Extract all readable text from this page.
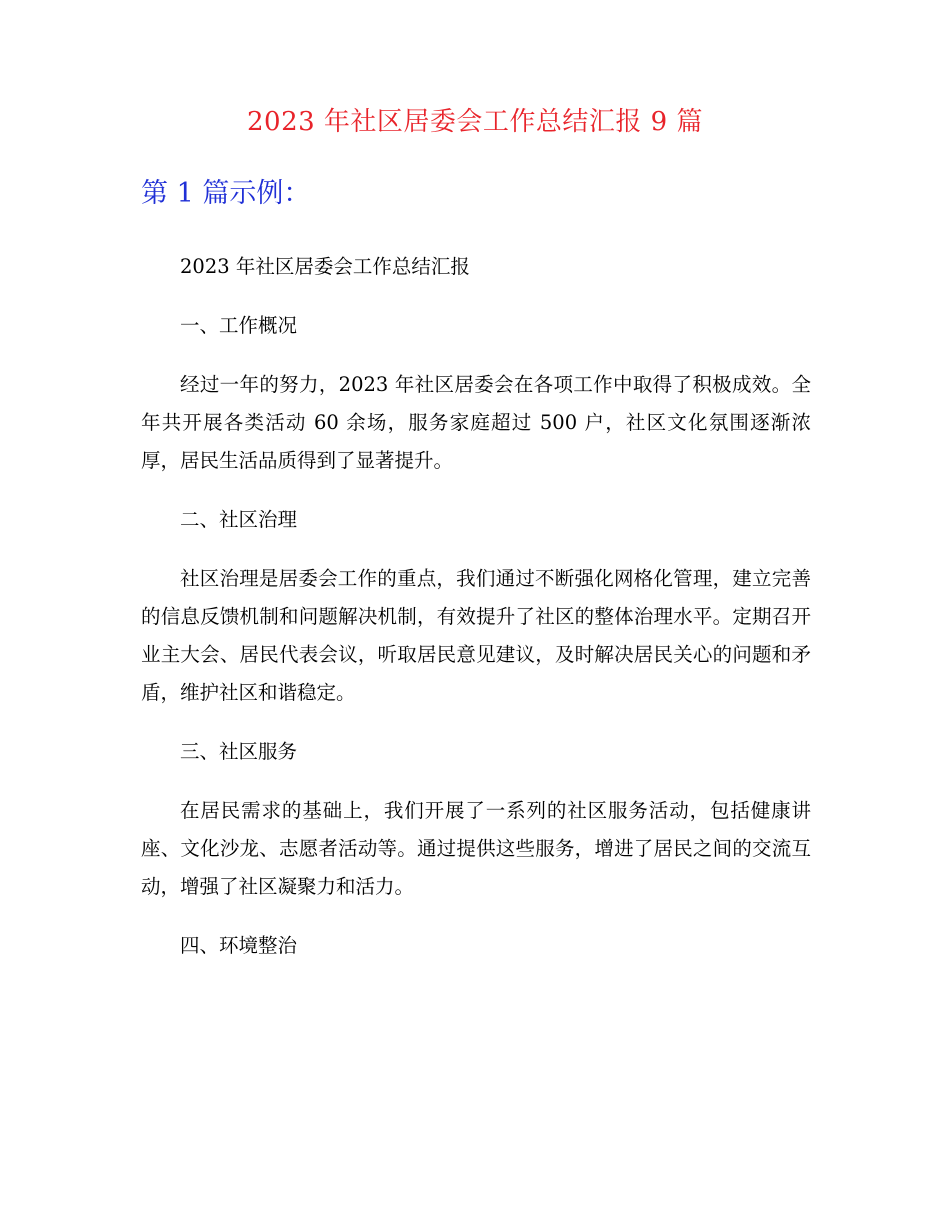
2023 年社区居委会工作总结汇报 9 篇
第 1 篇示例：

2023 年社区居委会工作总结汇报

一、工作概况

经过一年的努力，2023 年社区居委会在各项工作中取得了积极成效。全年共开展各类活动 60 余场，服务家庭超过 500 户，社区文化氛围逐渐浓厚，居民生活品质得到了显著提升。

二、社区治理

社区治理是居委会工作的重点，我们通过不断强化网格化管理，建立完善的信息反馈机制和问题解决机制，有效提升了社区的整体治理水平。定期召开业主大会、居民代表会议，听取居民意见建议，及时解决居民关心的问题和矛盾，维护社区和谐稳定。

三、社区服务

在居民需求的基础上，我们开展了一系列的社区服务活动，包括健康讲座、文化沙龙、志愿者活动等。通过提供这些服务，增进了居民之间的交流互动，增强了社区凝聚力和活力。

四、环境整治
